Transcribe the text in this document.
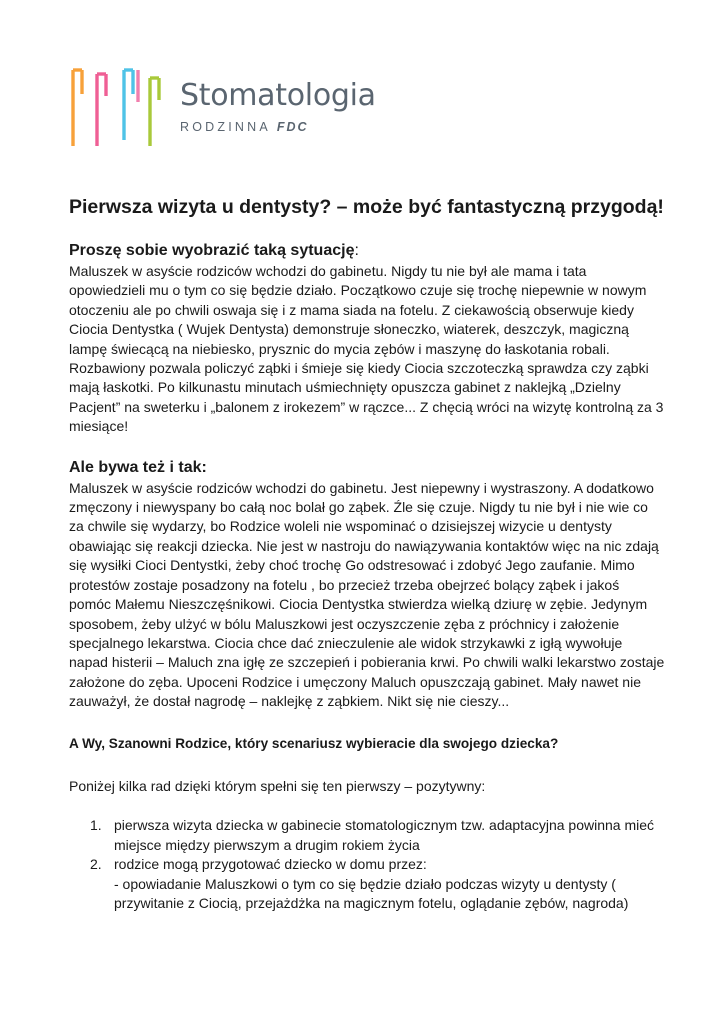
Stomatologia
RODZINNA FDC
Pierwsza wizyta u dentysty? – może być fantastyczną przygodą!
Proszę sobie wyobrazić taką sytuację:

Maluszek w asyście rodziców wchodzi do gabinetu. Nigdy tu nie był ale mama i tata opowiedzieli mu o tym co się będzie działo. Początkowo czuje się trochę niepewnie w nowym otoczeniu ale po chwili oswaja się i z mama siada na fotelu. Z ciekawością obserwuje kiedy Ciocia Dentystka ( Wujek Dentysta) demonstruje słoneczko, wiaterek, deszczyk, magiczną lampę świecącą na niebiesko, prysznic do mycia zębów i maszynę do łaskotania robali. Rozbawiony pozwala policzyć ząbki i śmieje się kiedy Ciocia szczoteczką sprawdza czy ząbki mają łaskotki. Po kilkunastu minutach uśmiechnięty opuszcza gabinet z naklejką „Dzielny Pacjent” na sweterku i „balonem z irokezem” w rączce... Z chęcią wróci na wizytę kontrolną za 3 miesiące!

Ale bywa też i tak:

Maluszek w asyście rodziców wchodzi do gabinetu. Jest niepewny i wystraszony. A dodatkowo zmęczony i niewyspany bo całą noc bolał go ząbek. Źle się czuje. Nigdy tu nie był i nie wie co za chwile się wydarzy, bo Rodzice woleli nie wspominać o dzisiejszej wizycie u dentysty obawiając się reakcji dziecka. Nie jest w nastroju do nawiązywania kontaktów więc na nic zdają się wysiłki Cioci Dentystki, żeby choć trochę Go odstresować i zdobyć Jego zaufanie. Mimo protestów zostaje posadzony na fotelu , bo przecież trzeba obejrzeć bolący ząbek i jakoś pomóc Małemu Nieszczęśnikowi. Ciocia Dentystka stwierdza wielką dziurę w zębie. Jedynym sposobem, żeby ulżyć w bólu Maluszkowi jest oczyszczenie zęba z próchnicy i założenie specjalnego lekarstwa. Ciocia chce dać znieczulenie ale widok strzykawki z igłą wywołuje napad histerii – Maluch zna igłę ze szczepień i pobierania krwi. Po chwili walki lekarstwo zostaje założone do zęba. Upoceni Rodzice i umęczony Maluch opuszczają gabinet. Mały nawet nie zauważył, że dostał nagrodę – naklejkę z ząbkiem. Nikt się nie cieszy...

A Wy, Szanowni Rodzice, który scenariusz wybieracie dla swojego dziecka?

Poniżej kilka rad dzięki którym spełni się ten pierwszy – pozytywny:

1. pierwsza wizyta dziecka w gabinecie stomatologicznym tzw. adaptacyjna powinna mieć miejsce między pierwszym a drugim rokiem życia
2. rodzice mogą przygotować dziecko w domu przez:
- opowiadanie Maluszkowi o tym co się będzie działo podczas wizyty u dentysty ( przywitanie z Ciocią, przejażdżka na magicznym fotelu, oglądanie zębów, nagroda)
